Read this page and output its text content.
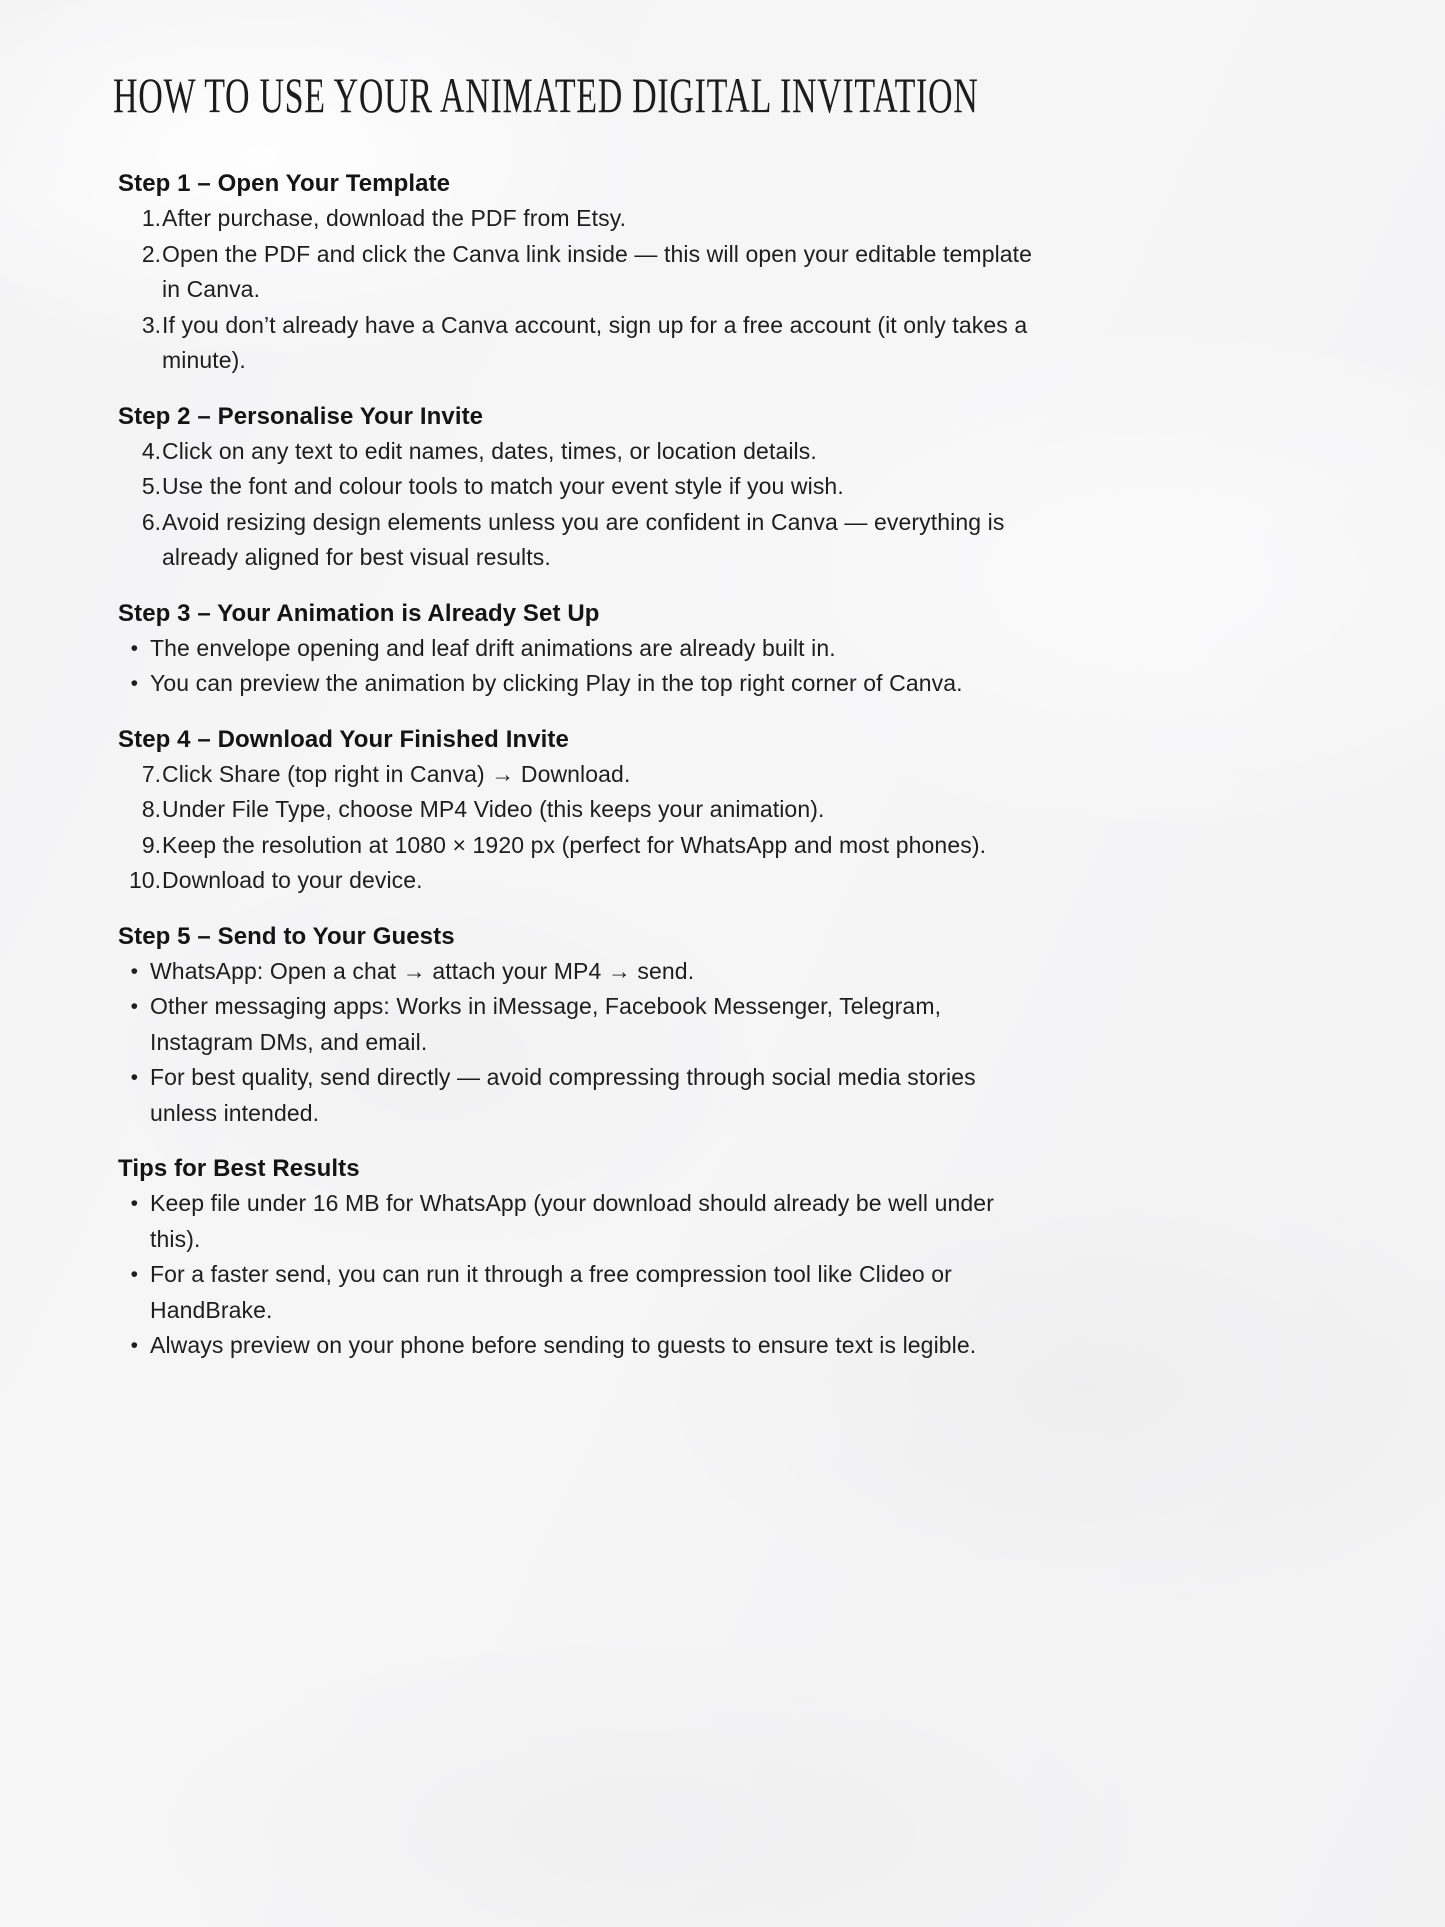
HOW TO USE YOUR ANIMATED DIGITAL INVITATION
Step 1 – Open Your Template
1. After purchase, download the PDF from Etsy.
2. Open the PDF and click the Canva link inside — this will open your editable template in Canva.
3. If you don’t already have a Canva account, sign up for a free account (it only takes a minute).
Step 2 – Personalise Your Invite
4. Click on any text to edit names, dates, times, or location details.
5. Use the font and colour tools to match your event style if you wish.
6. Avoid resizing design elements unless you are confident in Canva — everything is already aligned for best visual results.
Step 3 – Your Animation is Already Set Up
• The envelope opening and leaf drift animations are already built in.
• You can preview the animation by clicking Play in the top right corner of Canva.
Step 4 – Download Your Finished Invite
7. Click Share (top right in Canva) → Download.
8. Under File Type, choose MP4 Video (this keeps your animation).
9. Keep the resolution at 1080 × 1920 px (perfect for WhatsApp and most phones).
10. Download to your device.
Step 5 – Send to Your Guests
• WhatsApp: Open a chat → attach your MP4 → send.
• Other messaging apps: Works in iMessage, Facebook Messenger, Telegram, Instagram DMs, and email.
• For best quality, send directly — avoid compressing through social media stories unless intended.
Tips for Best Results
• Keep file under 16 MB for WhatsApp (your download should already be well under this).
• For a faster send, you can run it through a free compression tool like Clideo or HandBrake.
• Always preview on your phone before sending to guests to ensure text is legible.
